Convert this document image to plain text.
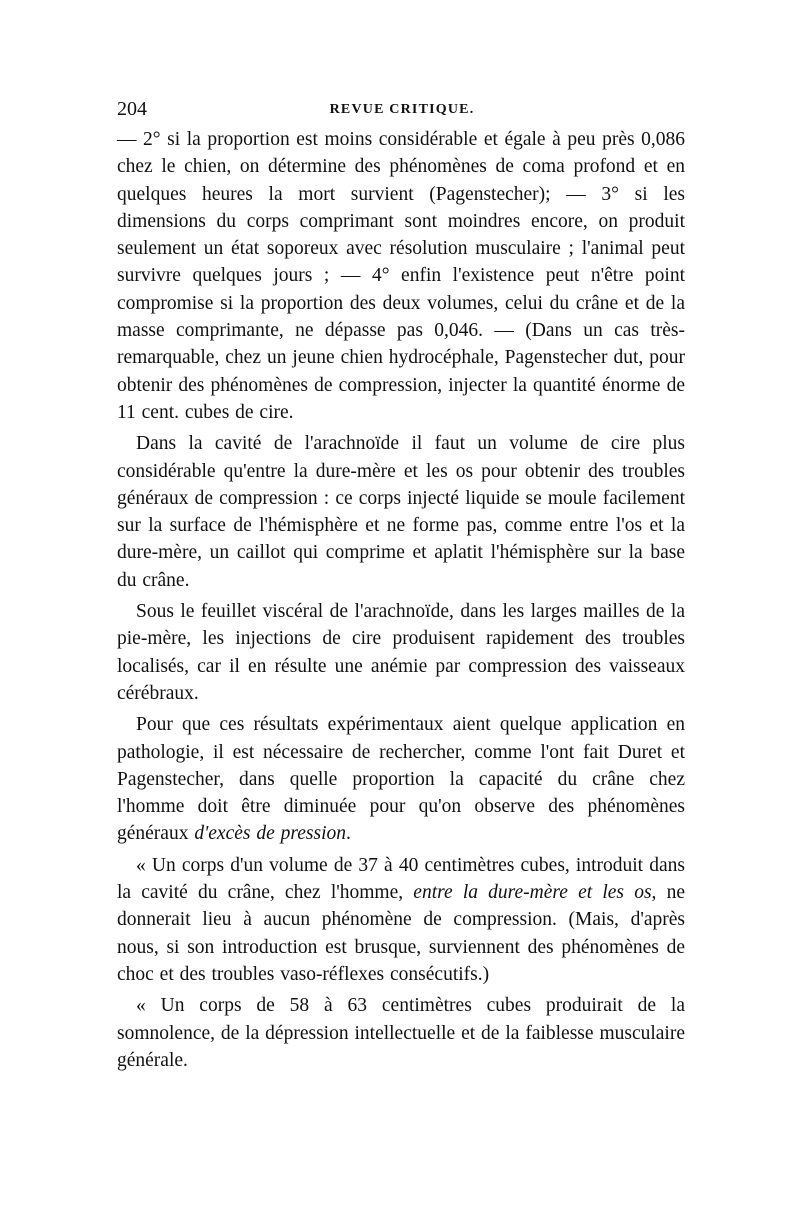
204	REVUE CRITIQUE.

— 2° si la proportion est moins considérable et égale à peu près 0,086 chez le chien, on détermine des phénomènes de coma profond et en quelques heures la mort survient (Pagenstecher); — 3° si les dimensions du corps comprimant sont moindres encore, on produit seulement un état soporeux avec résolution musculaire ; l'animal peut survivre quelques jours ; — 4° enfin l'existence peut n'être point compromise si la proportion des deux volumes, celui du crâne et de la masse comprimante, ne dépasse pas 0,046. — (Dans un cas très-remarquable, chez un jeune chien hydrocéphale, Pagenstecher dut, pour obtenir des phénomènes de compression, injecter la quantité énorme de 11 cent. cubes de cire.

Dans la cavité de l'arachnoïde il faut un volume de cire plus considérable qu'entre la dure-mère et les os pour obtenir des troubles généraux de compression : ce corps injecté liquide se moule facilement sur la surface de l'hémisphère et ne forme pas, comme entre l'os et la dure-mère, un caillot qui comprime et aplatit l'hémisphère sur la base du crâne.

Sous le feuillet viscéral de l'arachnoïde, dans les larges mailles de la pie-mère, les injections de cire produisent rapidement des troubles localisés, car il en résulte une anémie par compression des vaisseaux cérébraux.

Pour que ces résultats expérimentaux aient quelque application en pathologie, il est nécessaire de rechercher, comme l'ont fait Duret et Pagenstecher, dans quelle proportion la capacité du crâne chez l'homme doit être diminuée pour qu'on observe des phénomènes généraux d'excès de pression.

« Un corps d'un volume de 37 à 40 centimètres cubes, introduit dans la cavité du crâne, chez l'homme, entre la dure-mère et les os, ne donnerait lieu à aucun phénomène de compression. (Mais, d'après nous, si son introduction est brusque, surviennent des phénomènes de choc et des troubles vaso-réflexes consécutifs.)

« Un corps de 58 à 63 centimètres cubes produirait de la somnolence, de la dépression intellectuelle et de la faiblesse musculaire générale.
